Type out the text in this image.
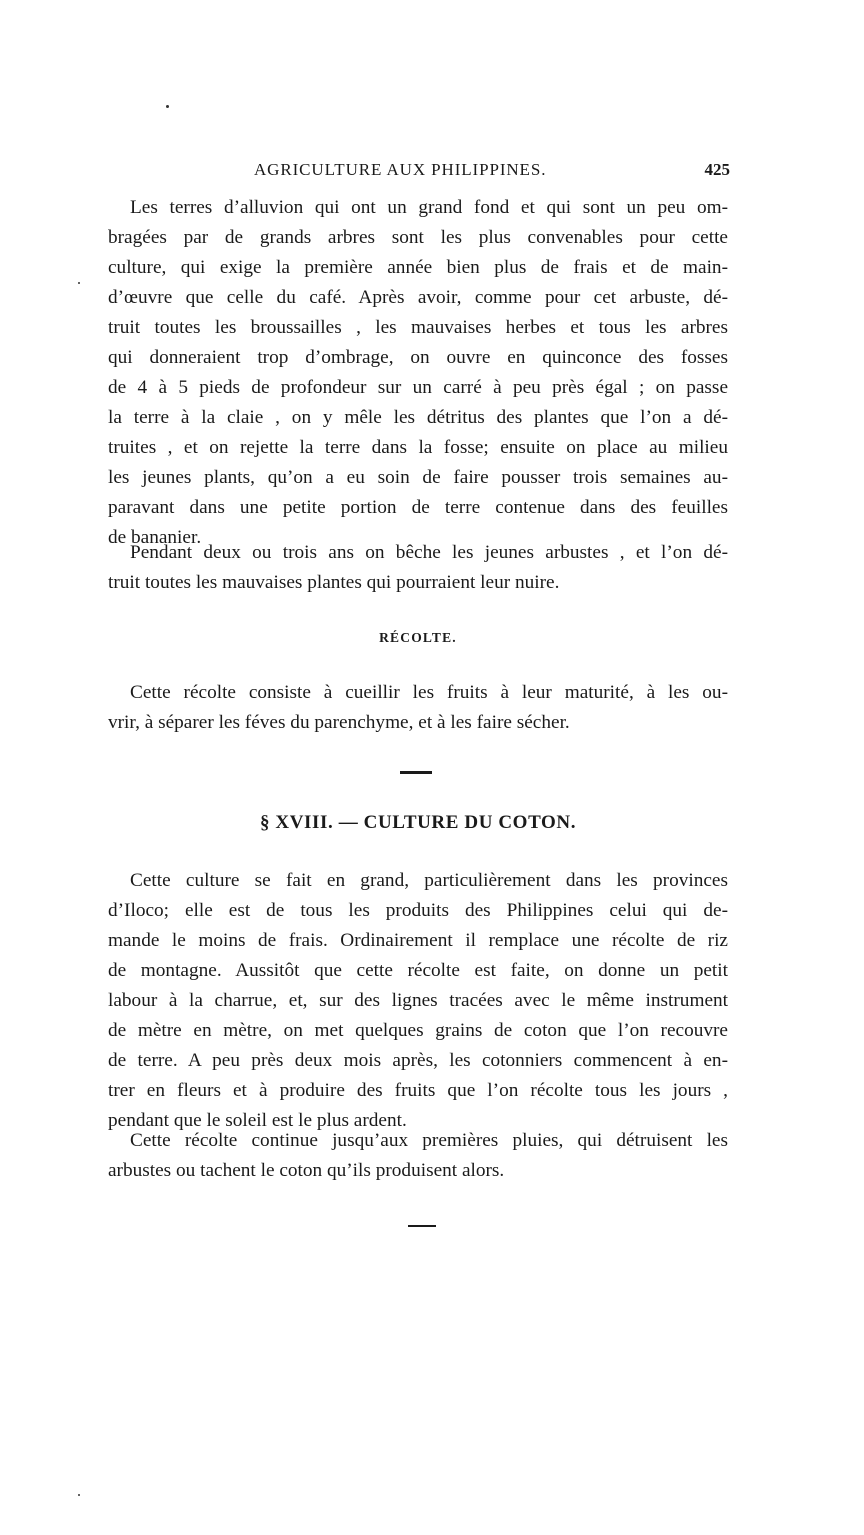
AGRICULTURE AUX PHILIPPINES.	425
Les terres d’alluvion qui ont un grand fond et qui sont un peu om-
bragées par de grands arbres sont les plus convenables pour cette
culture, qui exige la première année bien plus de frais et de main-
d’œuvre que celle du café. Après avoir, comme pour cet arbuste, dé-
truit toutes les broussailles , les mauvaises herbes et tous les arbres
qui donneraient trop d’ombrage, on ouvre en quinconce des fosses
de 4 à 5 pieds de profondeur sur un carré à peu près égal ; on passe
la terre à la claie , on y mêle les détritus des plantes que l’on a dé-
truites , et on rejette la terre dans la fosse; ensuite on place au milieu
les jeunes plants, qu’on a eu soin de faire pousser trois semaines au-
paravant dans une petite portion de terre contenue dans des feuilles
de bananier.
Pendant deux ou trois ans on bêche les jeunes arbustes , et l’on dé-
truit toutes les mauvaises plantes qui pourraient leur nuire.
RÉCOLTE.
Cette récolte consiste à cueillir les fruits à leur maturité, à les ou-
vrir, à séparer les féves du parenchyme, et à les faire sécher.
§ XVIII. — CULTURE DU COTON.
Cette culture se fait en grand, particulièrement dans les provinces
d’Iloco; elle est de tous les produits des Philippines celui qui de-
mande le moins de frais. Ordinairement il remplace une récolte de riz
de montagne. Aussitôt que cette récolte est faite, on donne un petit
labour à la charrue, et, sur des lignes tracées avec le même instrument
de mètre en mètre, on met quelques grains de coton que l’on recouvre
de terre. A peu près deux mois après, les cotonniers commencent à en-
trer en fleurs et à produire des fruits que l’on récolte tous les jours ,
pendant que le soleil est le plus ardent.
Cette récolte continue jusqu’aux premières pluies, qui détruisent les
arbustes ou tachent le coton qu’ils produisent alors.
